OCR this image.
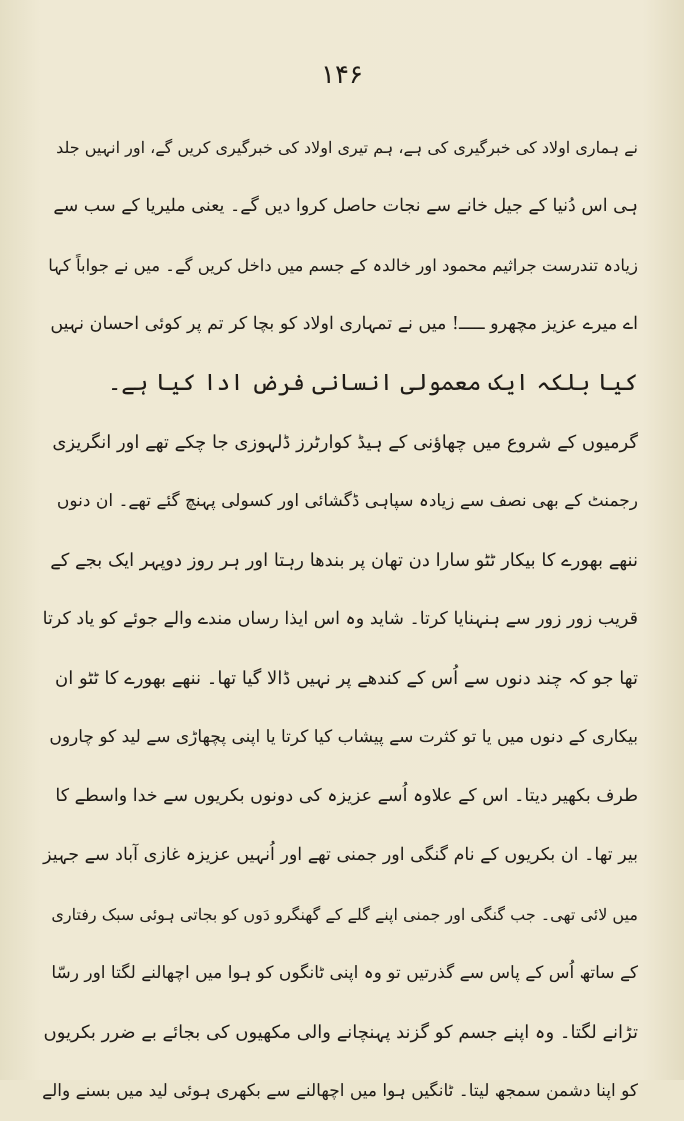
۱۴۶
نے ہماری اولاد کی خبرگیری کی ہے، ہم تیری اولاد کی خبرگیری کریں گے، اور انہیں جلد
ہی اس دُنیا کے جیل خانے سے نجات حاصل کروا دیں گے۔ یعنی ملیریا کے سب سے
زیادہ تندرست جراثیم محمود اور خالدہ کے جسم میں داخل کریں گے۔ میں نے جواباً کہا
اے میرے عزیز مچھرو ـــــ! میں نے تمہاری اولاد کو بچا کر تم پر کوئی احسان نہیں
کیا بلکہ ایک معمولی انسانی فرض ادا کیا ہے۔
گرمیوں کے شروع میں چھاؤنی کے ہیڈ کوارٹرز ڈلہوزی جا چکے تھے اور انگریزی
رجمنٹ کے بھی نصف سے زیادہ سپاہی ڈگشائی اور کسولی پہنچ گئے تھے۔ ان دنوں
ننھے بھورے کا بیکار ٹٹو سارا دن تھان پر بندھا رہتا اور ہر روز دوپہر ایک بجے کے
قریب زور زور سے ہنہنایا کرتا۔ شاید وہ اس ایذا رساں مندے والے جوئے کو یاد کرتا
تھا جو کہ چند دنوں سے اُس کے کندھے پر نہیں ڈالا گیا تھا۔ ننھے بھورے کا ٹٹو ان
بیکاری کے دنوں میں یا تو کثرت سے پیشاب کیا کرتا یا اپنی پچھاڑی سے لید کو چاروں
طرف بکھیر دیتا۔ اس کے علاوہ اُسے عزیزہ کی دونوں بکریوں سے خدا واسطے کا
بیر تھا۔ ان بکریوں کے نام گنگی اور جمنی تھے اور اُنہیں عزیزہ غازی آباد سے جہیز
میں لائی تھی۔ جب گنگی اور جمنی اپنے گلے کے گھنگرو دَوں کو بجاتی ہوئی سبک رفتاری
کے ساتھ اُس کے پاس سے گذرتیں تو وہ اپنی ٹانگوں کو ہوا میں اچھالنے لگتا اور رسّا
تڑانے لگتا۔ وہ اپنے جسم کو گزند پہنچانے والی مکھیوں کی بجائے بے ضرر بکریوں
کو اپنا دشمن سمجھ لیتا۔ ٹانگیں ہوا میں اچھالنے سے بکھری ہوئی لید میں بسنے والے
